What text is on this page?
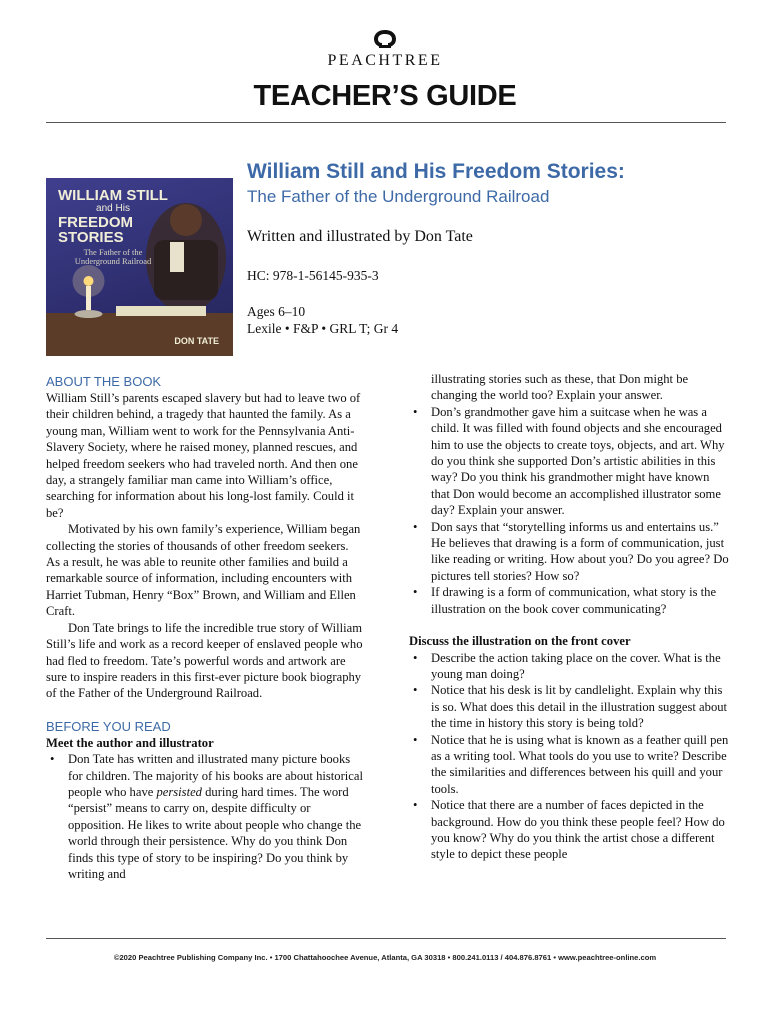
PEACHTREE
TEACHER’S GUIDE
WILLIAM STILL
and His
FREEDOM STORIES
The Father of the Underground Railroad
DON TATE
William Still and His Freedom Stories:
The Father of the Underground Railroad
Written and illustrated by Don Tate
HC: 978-1-56145-935-3
Ages 6–10
Lexile • F&P • GRL T; Gr 4

ABOUT THE BOOK

William Still’s parents escaped slavery but had to leave two of their children behind, a tragedy that haunted the family. As a young man, William went to work for the Pennsylvania Anti-Slavery Society, where he raised money, planned rescues, and helped freedom seekers who had traveled north. And then one day, a strangely familiar man came into William’s office, searching for information about his long-lost family. Could it be?

Motivated by his own family’s experience, William began collecting the stories of thousands of other freedom seekers. As a result, he was able to reunite other families and build a remarkable source of information, including encounters with Harriet Tubman, Henry “Box” Brown, and William and Ellen Craft.

Don Tate brings to life the incredible true story of William Still’s life and work as a record keeper of enslaved people who had fled to freedom. Tate’s powerful words and artwork are sure to inspire readers in this first-ever picture book biography of the Father of the Underground Railroad.

BEFORE YOU READ

Meet the author and illustrator

• Don Tate has written and illustrated many picture books for children. The majority of his books are about historical people who have persisted during hard times. The word “persist” means to carry on, despite difficulty or opposition. He likes to write about people who change the world through their persistence. Why do you think Don finds this type of story to be inspiring? Do you think by writing and
illustrating stories such as these, that Don might be changing the world too? Explain your answer.
• Don’s grandmother gave him a suitcase when he was a child. It was filled with found objects and she encouraged him to use the objects to create toys, objects, and art. Why do you think she supported Don’s artistic abilities in this way? Do you think his grandmother might have known that Don would become an accomplished illustrator some day? Explain your answer.
• Don says that “storytelling informs us and entertains us.” He believes that drawing is a form of communication, just like reading or writing. How about you? Do you agree? Do pictures tell stories? How so?
• If drawing is a form of communication, what story is the illustration on the book cover communicating?

Discuss the illustration on the front cover

• Describe the action taking place on the cover. What is the young man doing?
• Notice that his desk is lit by candlelight. Explain why this is so. What does this detail in the illustration suggest about the time in history this story is being told?
• Notice that he is using what is known as a feather quill pen as a writing tool. What tools do you use to write? Describe the similarities and differences between his quill and your tools.
• Notice that there are a number of faces depicted in the background. How do you think these people feel? How do you know? Why do you think the artist chose a different style to depict these people
©2020 Peachtree Publishing Company Inc. • 1700 Chattahoochee Avenue, Atlanta, GA 30318 • 800.241.0113 / 404.876.8761 • www.peachtree-online.com
